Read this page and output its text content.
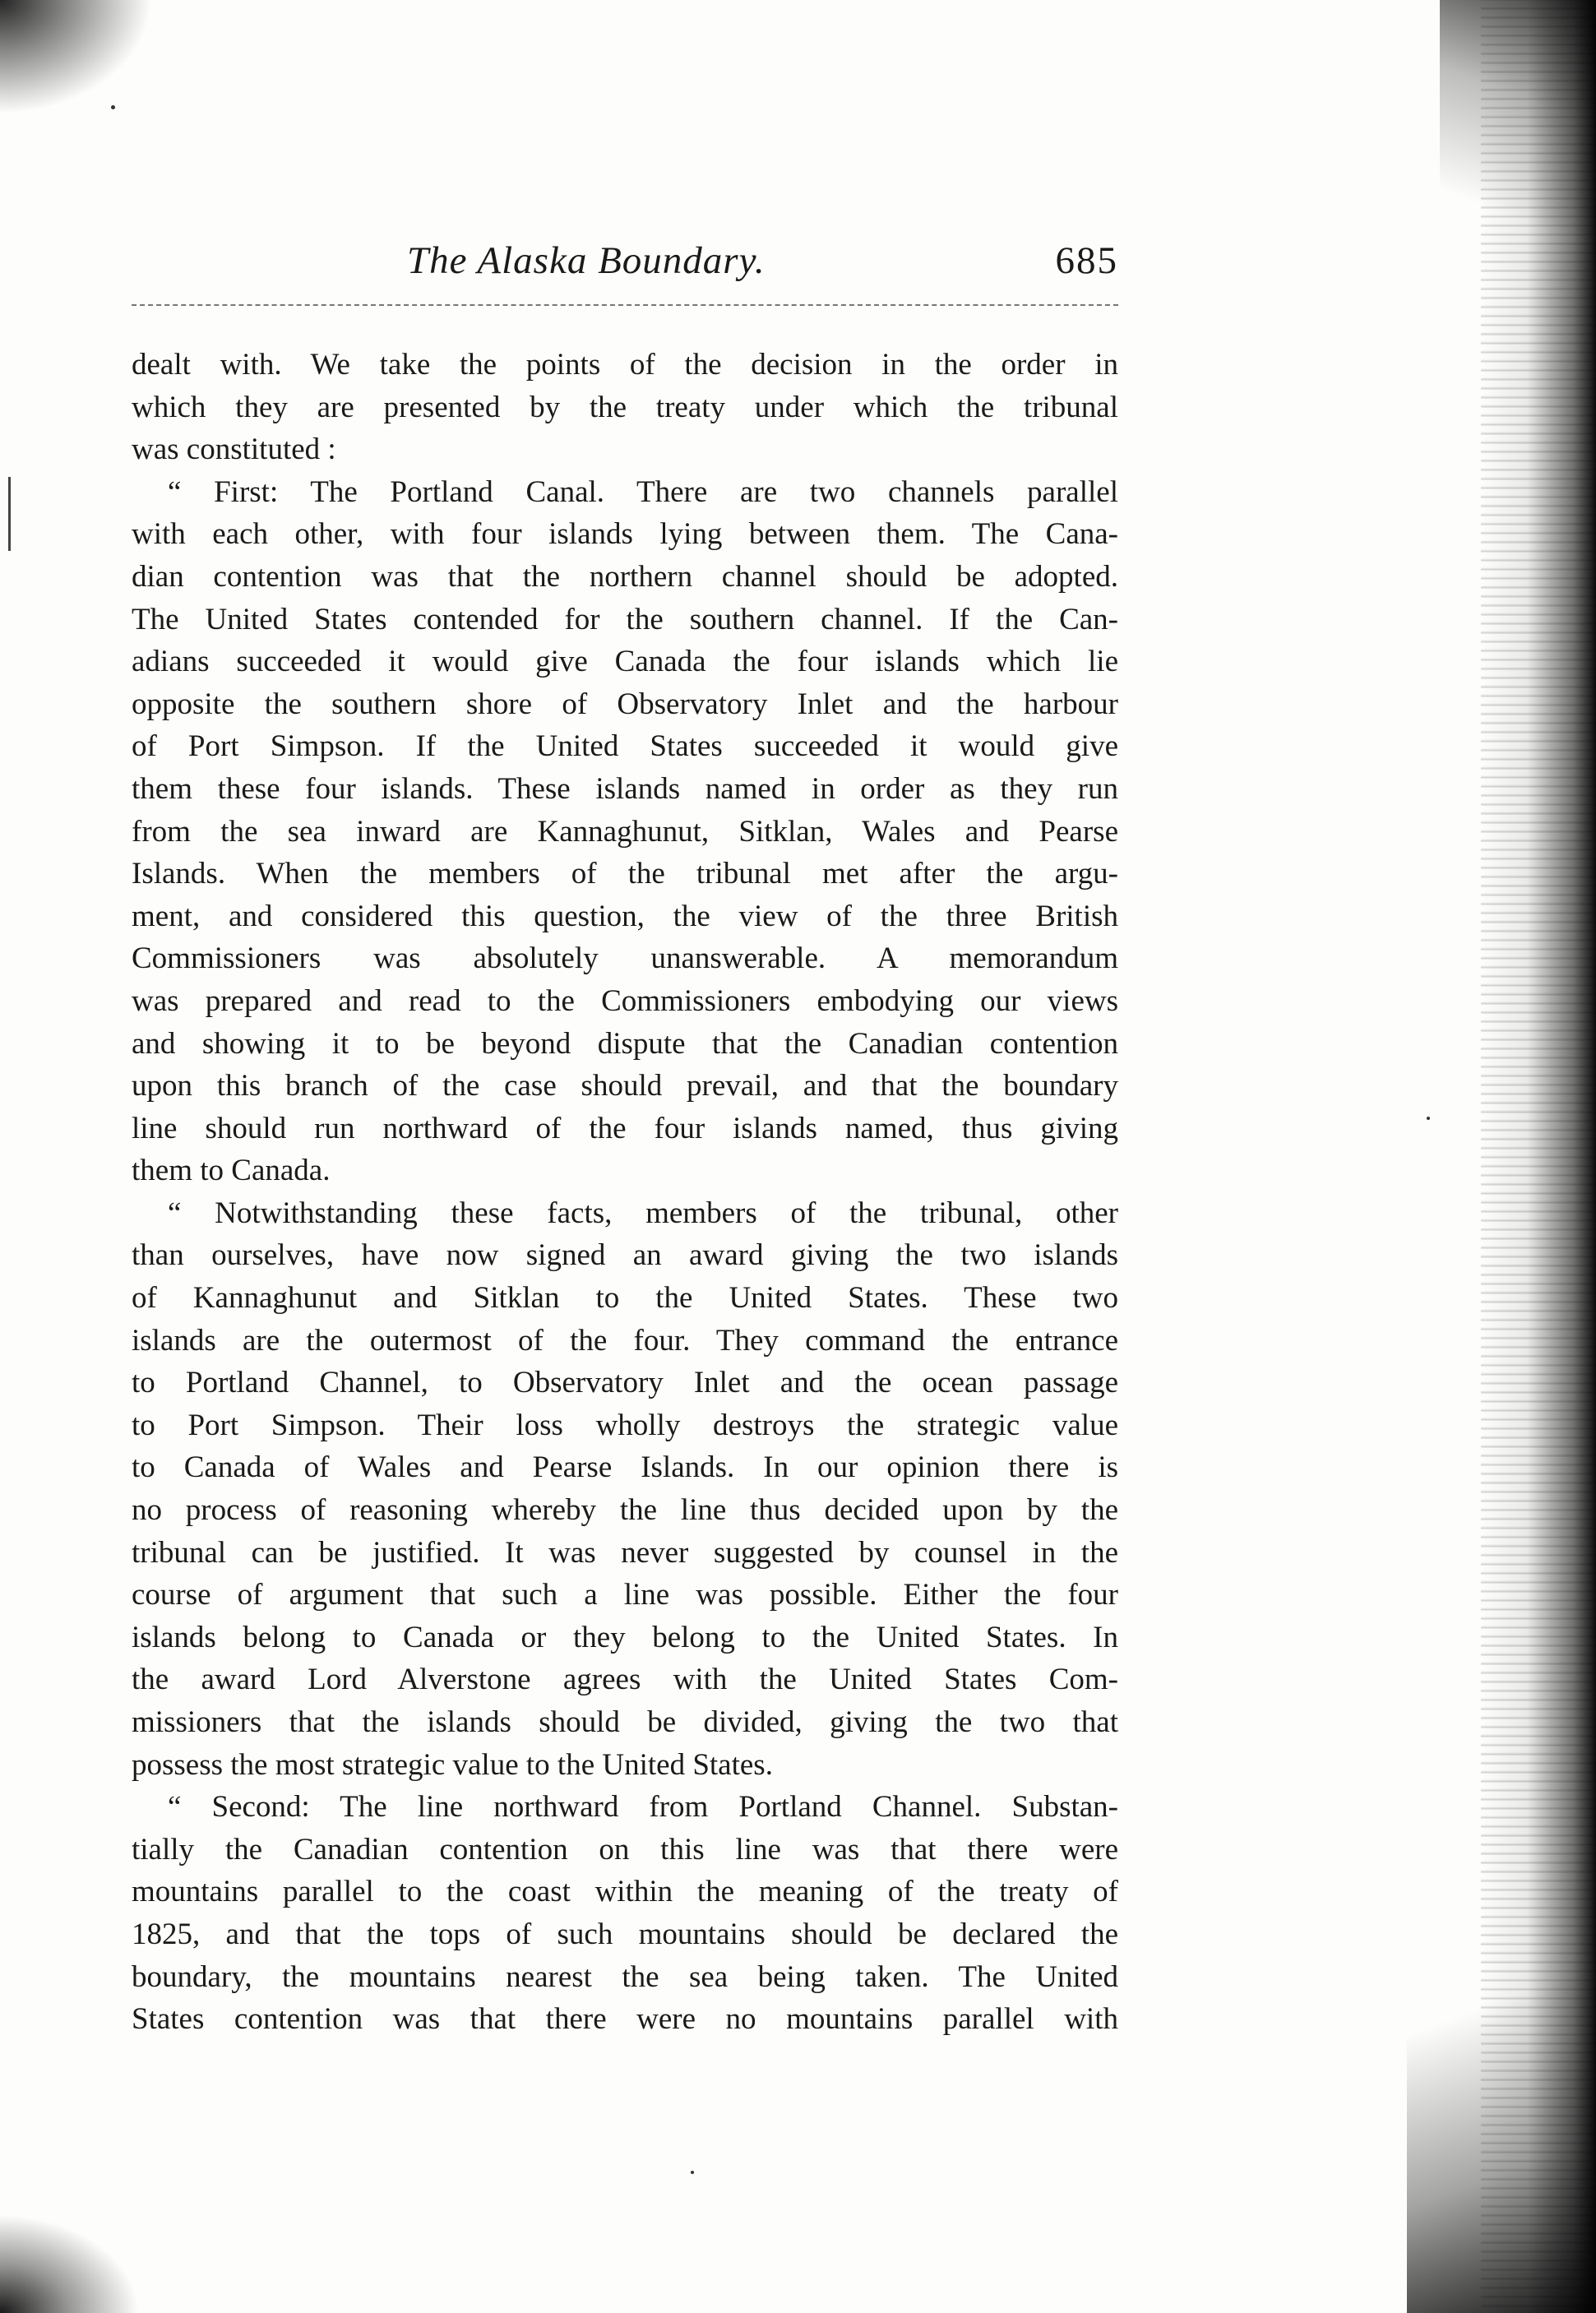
The Alaska Boundary.	685
dealt with. We take the points of the decision in the order in
which they are presented by the treaty under which the tribunal
was constituted :
“ First: The Portland Canal. There are two channels parallel
with each other, with four islands lying between them. The Cana-
dian contention was that the northern channel should be adopted.
The United States contended for the southern channel. If the Can-
adians succeeded it would give Canada the four islands which lie
opposite the southern shore of Observatory Inlet and the harbour
of Port Simpson. If the United States succeeded it would give
them these four islands. These islands named in order as they run
from the sea inward are Kannaghunut, Sitklan, Wales and Pearse
Islands. When the members of the tribunal met after the argu-
ment, and considered this question, the view of the three British
Commissioners was absolutely unanswerable. A memorandum
was prepared and read to the Commissioners embodying our views
and showing it to be beyond dispute that the Canadian contention
upon this branch of the case should prevail, and that the boundary
line should run northward of the four islands named, thus giving
them to Canada.
“ Notwithstanding these facts, members of the tribunal, other
than ourselves, have now signed an award giving the two islands
of Kannaghunut and Sitklan to the United States. These two
islands are the outermost of the four. They command the entrance
to Portland Channel, to Observatory Inlet and the ocean passage
to Port Simpson. Their loss wholly destroys the strategic value
to Canada of Wales and Pearse Islands. In our opinion there is
no process of reasoning whereby the line thus decided upon by the
tribunal can be justified. It was never suggested by counsel in the
course of argument that such a line was possible. Either the four
islands belong to Canada or they belong to the United States. In
the award Lord Alverstone agrees with the United States Com-
missioners that the islands should be divided, giving the two that
possess the most strategic value to the United States.
“ Second: The line northward from Portland Channel. Substan-
tially the Canadian contention on this line was that there were
mountains parallel to the coast within the meaning of the treaty of
1825, and that the tops of such mountains should be declared the
boundary, the mountains nearest the sea being taken. The United
States contention was that there were no mountains parallel with
